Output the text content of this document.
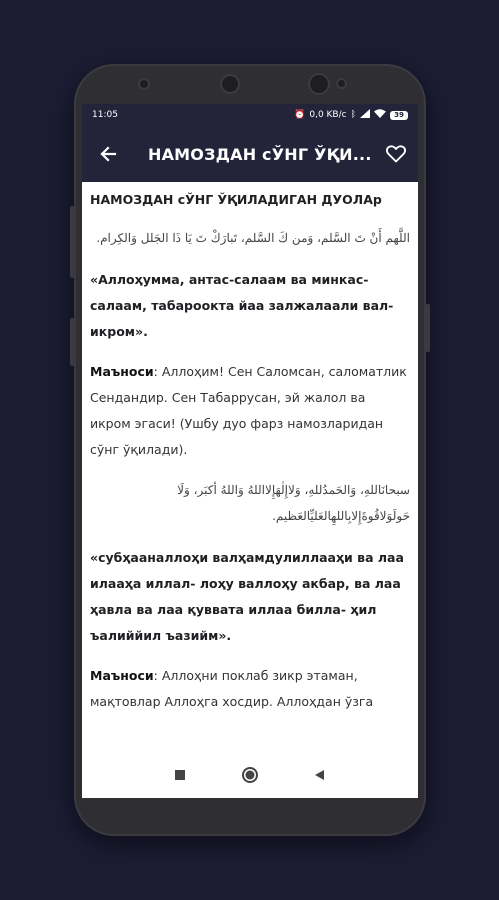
11:05	⏰ 0,0 KB/c ᛒ	39
НАМОЗДАН сЎНГ ЎҚИ...
НАМОЗДАН сЎНГ ЎҚИЛАДИГАН ДУОЛАр
اللَّهم أَنْ تَ السَّلم، وَمن كَ السَّلم، تَبارَكْ تَ يَا ذَا الجَلل وَالكِرام.
«Аллоҳумма, антас-салаам ва минкас-салаам, табароокта йаа залжалаали вал-икром».
Маъноси: Аллоҳим! Сен Саломсан, саломатлик Сендандир. Сен Табаррусан, эй жалол ва икром эгаси! (Ушбу дуо фарз намозларидан сўнг ўқилади).
سبحانَاللهِ، وَالحَمدُللهِ، وَلاإِلٰهَإِلااللهُ وَاللهُ أكبَر، وَلَا حَولَوَلاقُوةَإِلابِاللهِالعَليِّالعَظيم.
«субҳааналлоҳи валҳамдулиллааҳи ва лаа илааҳа иллал- лоҳу валлоҳу акбар, ва лаа ҳавла ва лаа қуввата иллаа билла- ҳил ъалиййил ъазийм».
Маъноси: Аллоҳни поклаб зикр этаман, мақтовлар Аллоҳга хосдир. Аллоҳдан ўзга
